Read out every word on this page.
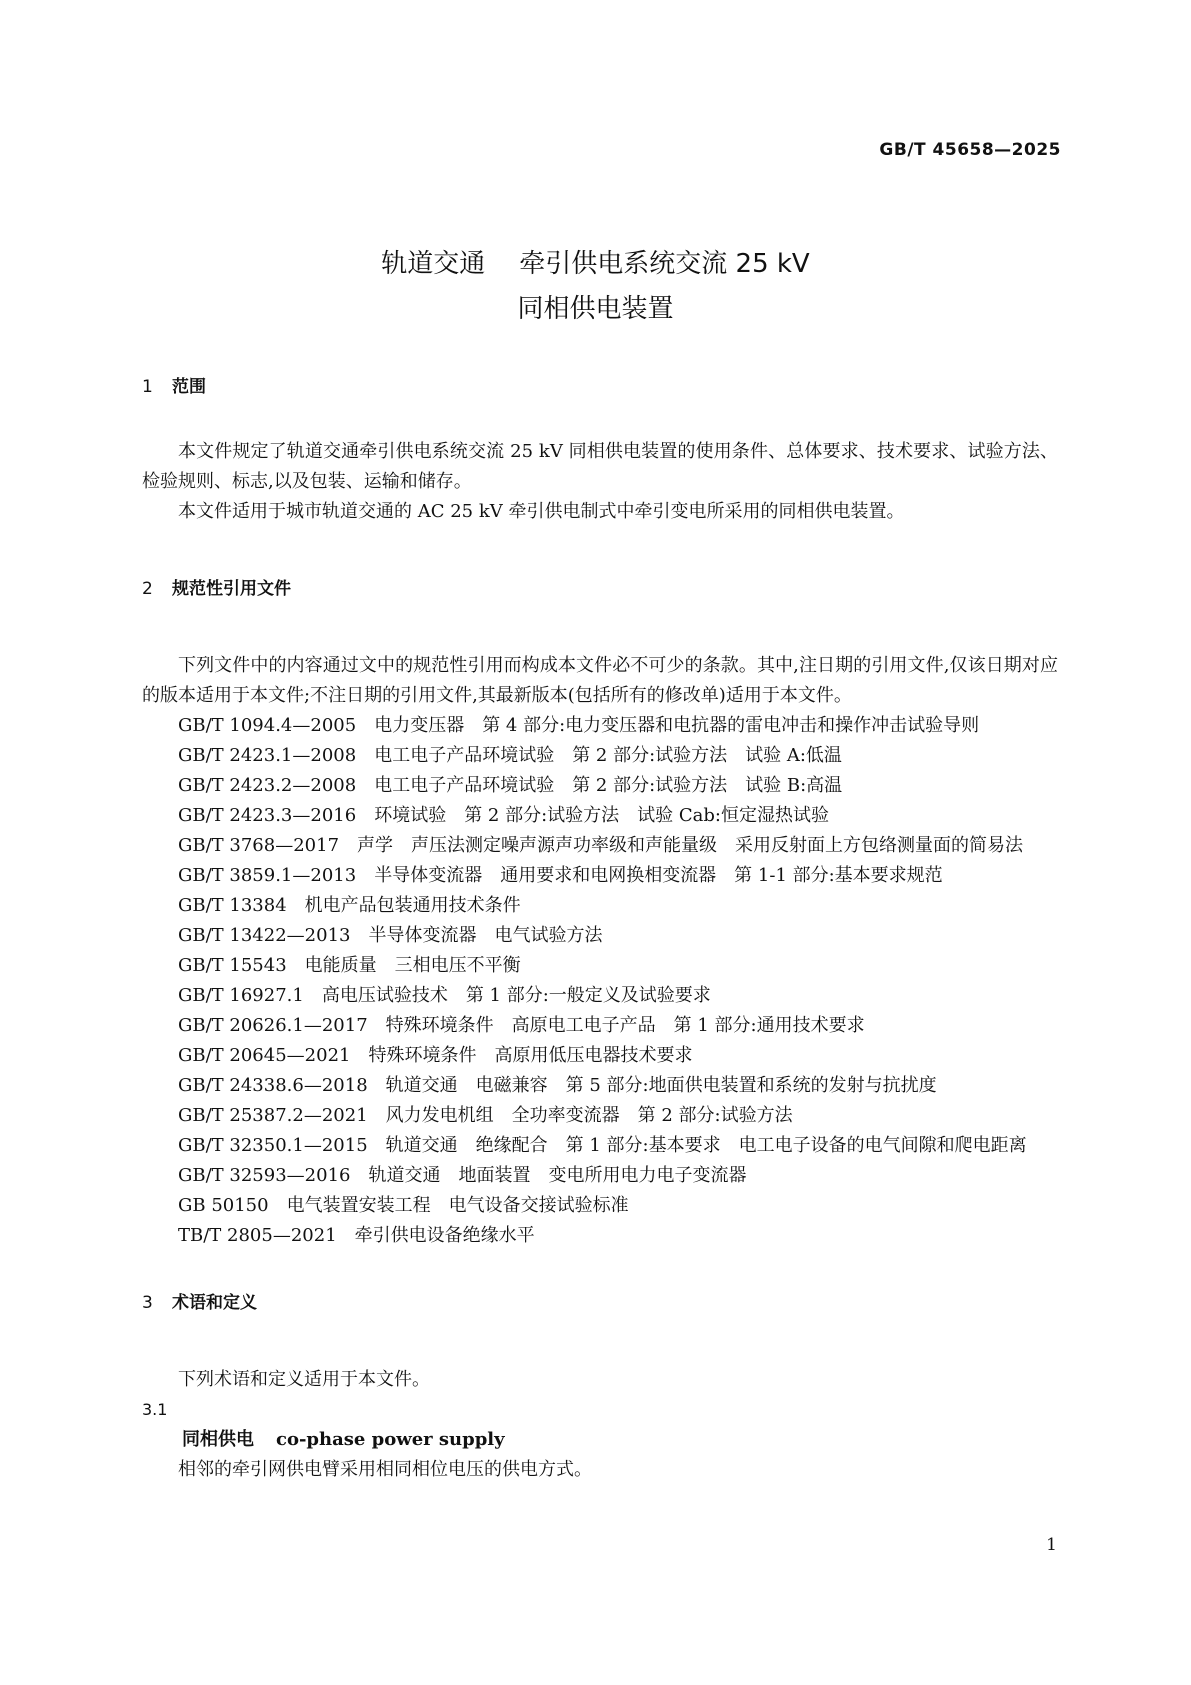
GB/T 45658—2025
轨道交通 牵引供电系统交流 25 kV
同相供电装置
1 范围

本文件规定了轨道交通牵引供电系统交流 25 kV 同相供电装置的使用条件、总体要求、技术要求、试验方法、检验规则、标志,以及包装、运输和储存。

本文件适用于城市轨道交通的 AC 25 kV 牵引供电制式中牵引变电所采用的同相供电装置。

2 规范性引用文件

下列文件中的内容通过文中的规范性引用而构成本文件必不可少的条款。其中,注日期的引用文件,仅该日期对应的版本适用于本文件;不注日期的引用文件,其最新版本(包括所有的修改单)适用于本文件。

GB/T 1094.4—2005　电力变压器　第 4 部分:电力变压器和电抗器的雷电冲击和操作冲击试验导则

GB/T 2423.1—2008　电工电子产品环境试验　第 2 部分:试验方法　试验 A:低温

GB/T 2423.2—2008　电工电子产品环境试验　第 2 部分:试验方法　试验 B:高温

GB/T 2423.3—2016　环境试验　第 2 部分:试验方法　试验 Cab:恒定湿热试验

GB/T 3768—2017　声学　声压法测定噪声源声功率级和声能量级　采用反射面上方包络测量面的简易法

GB/T 3859.1—2013　半导体变流器　通用要求和电网换相变流器　第 1-1 部分:基本要求规范

GB/T 13384　机电产品包装通用技术条件

GB/T 13422—2013　半导体变流器　电气试验方法

GB/T 15543　电能质量　三相电压不平衡

GB/T 16927.1　高电压试验技术　第 1 部分:一般定义及试验要求

GB/T 20626.1—2017　特殊环境条件　高原电工电子产品　第 1 部分:通用技术要求

GB/T 20645—2021　特殊环境条件　高原用低压电器技术要求

GB/T 24338.6—2018　轨道交通　电磁兼容　第 5 部分:地面供电装置和系统的发射与抗扰度

GB/T 25387.2—2021　风力发电机组　全功率变流器　第 2 部分:试验方法

GB/T 32350.1—2015　轨道交通　绝缘配合　第 1 部分:基本要求　电工电子设备的电气间隙和爬电距离

GB/T 32593—2016　轨道交通　地面装置　变电所用电力电子变流器

GB 50150　电气装置安装工程　电气设备交接试验标准

TB/T 2805—2021　牵引供电设备绝缘水平

3 术语和定义

下列术语和定义适用于本文件。

3.1

同相供电 co-phase power supply

相邻的牵引网供电臂采用相同相位电压的供电方式。

1
